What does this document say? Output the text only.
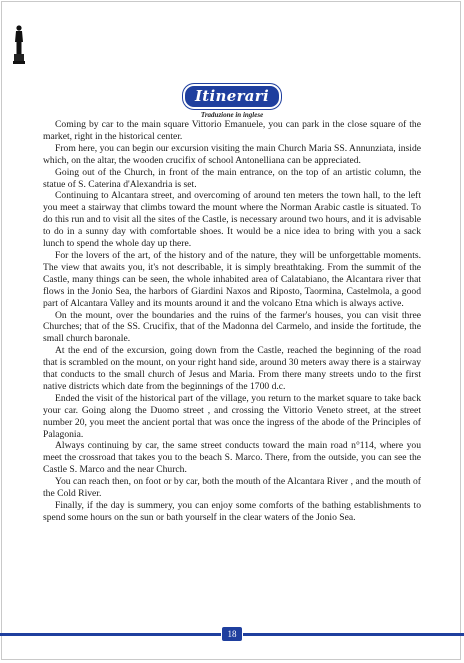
Itinerari
Traduzione in inglese

Coming by car to the main square Vittorio Emanuele, you can park in the close square of the market, right in the historical center.

From here, you can begin our excursion visiting the main Church Maria SS. Annunziata, inside which, on the altar, the wooden crucifix of school Antonelliana can be appreciated.

Going out of the Church, in front of the main entrance, on the top of an artistic column, the statue of S. Caterina d'Alexandria is set.

Continuing to Alcantara street, and overcoming of around ten meters the town hall, to the left you meet a stairway that climbs toward the mount where the Norman Arabic castle is situated. To do this run and to visit all the sites of the Castle, is necessary around two hours, and it is advisable to do in a sunny day with comfortable shoes. It would be a nice idea to bring with you a sack lunch to spend the whole day up there.

For the lovers of the art, of the history and of the nature, they will be unforgettable moments. The view that awaits you, it's not describable, it is simply breathtaking. From the summit of the Castle, many things can be seen, the whole inhabited area of Calatabiano, the Alcantara river that flows in the Jonio Sea, the harbors of Giardini Naxos and Riposto, Taormina, Castelmola, a good part of Alcantara Valley and its mounts around it and the volcano Etna which is always active.

On the mount, over the boundaries and the ruins of the farmer's houses, you can visit three Churches; that of the SS. Crucifix, that of the Madonna del Carmelo, and inside the fortitude, the small church baronale.

At the end of the excursion, going down from the Castle, reached the beginning of the road that is scrambled on the mount, on your right hand side, around 30 meters away there is a stairway that conducts to the small church of Jesus and Maria. From there many streets undo to the first native districts which date from the beginnings of the 1700 d.c.

Ended the visit of the historical part of the village, you return to the market square to take back your car. Going along the Duomo street , and crossing the Vittorio Veneto street, at the street number 20, you meet the ancient portal that was once the ingress of the abode of the Principles of Palagonia.

Always continuing by car, the same street conducts toward the main road n°114, where you meet the crossroad that takes you to the beach S. Marco. There, from the outside, you can see the Castle S. Marco and the near Church.

You can reach then, on foot or by car, both the mouth of the Alcantara River , and the mouth of the Cold River.

Finally, if the day is summery, you can enjoy some comforts of the bathing establishments to spend some hours on the sun or bath yourself in the clear waters of the Jonio Sea.

18
